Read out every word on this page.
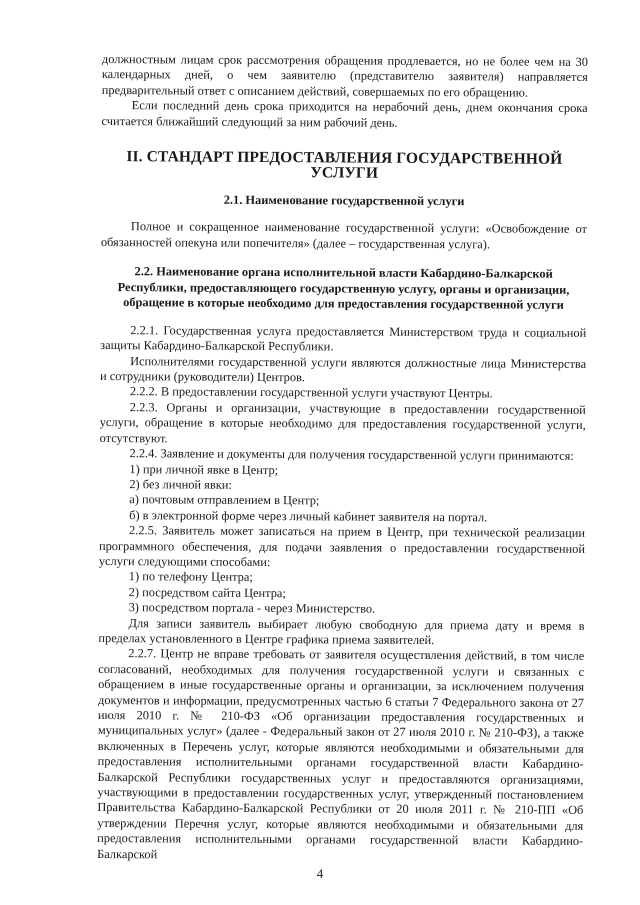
должностным лицам срок рассмотрения обращения продлевается, но не более чем на 30 календарных дней, о чем заявителю (представителю заявителя) направляется предварительный ответ с описанием действий, совершаемых по его обращению.

Если последний день срока приходится на нерабочий день, днем окончания срока считается ближайший следующий за ним рабочий день.

II. СТАНДАРТ ПРЕДОСТАВЛЕНИЯ ГОСУДАРСТВЕННОЙ УСЛУГИ
2.1. Наименование государственной услуги

Полное и сокращенное наименование государственной услуги: «Освобождение от обязанностей опекуна или попечителя» (далее – государственная услуга).

2.2. Наименование органа исполнительной власти Кабардино-Балкарской Республики, предоставляющего государственную услугу, органы и организации, обращение в которые необходимо для предоставления государственной услуги

2.2.1. Государственная услуга предоставляется Министерством труда и социальной защиты Кабардино-Балкарской Республики.

Исполнителями государственной услуги являются должностные лица Министерства и сотрудники (руководители) Центров.

2.2.2. В предоставлении государственной услуги участвуют Центры.

2.2.3. Органы и организации, участвующие в предоставлении государственной услуги, обращение в которые необходимо для предоставления государственной услуги, отсутствуют.

2.2.4. Заявление и документы для получения государственной услуги принимаются:

1) при личной явке в Центр;

2) без личной явки:

а) почтовым отправлением в Центр;

б) в электронной форме через личный кабинет заявителя на портал.

2.2.5. Заявитель может записаться на прием в Центр, при технической реализации программного обеспечения, для подачи заявления о предоставлении государственной услуги следующими способами:

1) по телефону Центра;

2) посредством сайта Центра;

3) посредством портала - через Министерство.

Для записи заявитель выбирает любую свободную для приема дату и время в пределах установленного в Центре графика приема заявителей.

2.2.7. Центр не вправе требовать от заявителя осуществления действий, в том числе согласований, необходимых для получения государственной услуги и связанных с обращением в иные государственные органы и организации, за исключением получения документов и информации, предусмотренных частью 6 статьи 7 Федерального закона от 27 июля 2010 г. № 210-ФЗ «Об организации предоставления государственных и муниципальных услуг» (далее - Федеральный закон от 27 июля 2010 г. № 210-ФЗ), а также включенных в Перечень услуг, которые являются необходимыми и обязательными для предоставления исполнительными органами государственной власти Кабардино-Балкарской Республики государственных услуг и предоставляются организациями, участвующими в предоставлении государственных услуг, утвержденный постановлением Правительства Кабардино-Балкарской Республики от 20 июля 2011 г. № 210-ПП «Об утверждении Перечня услуг, которые являются необходимыми и обязательными для предоставления исполнительными органами государственной власти Кабардино-Балкарской

4
